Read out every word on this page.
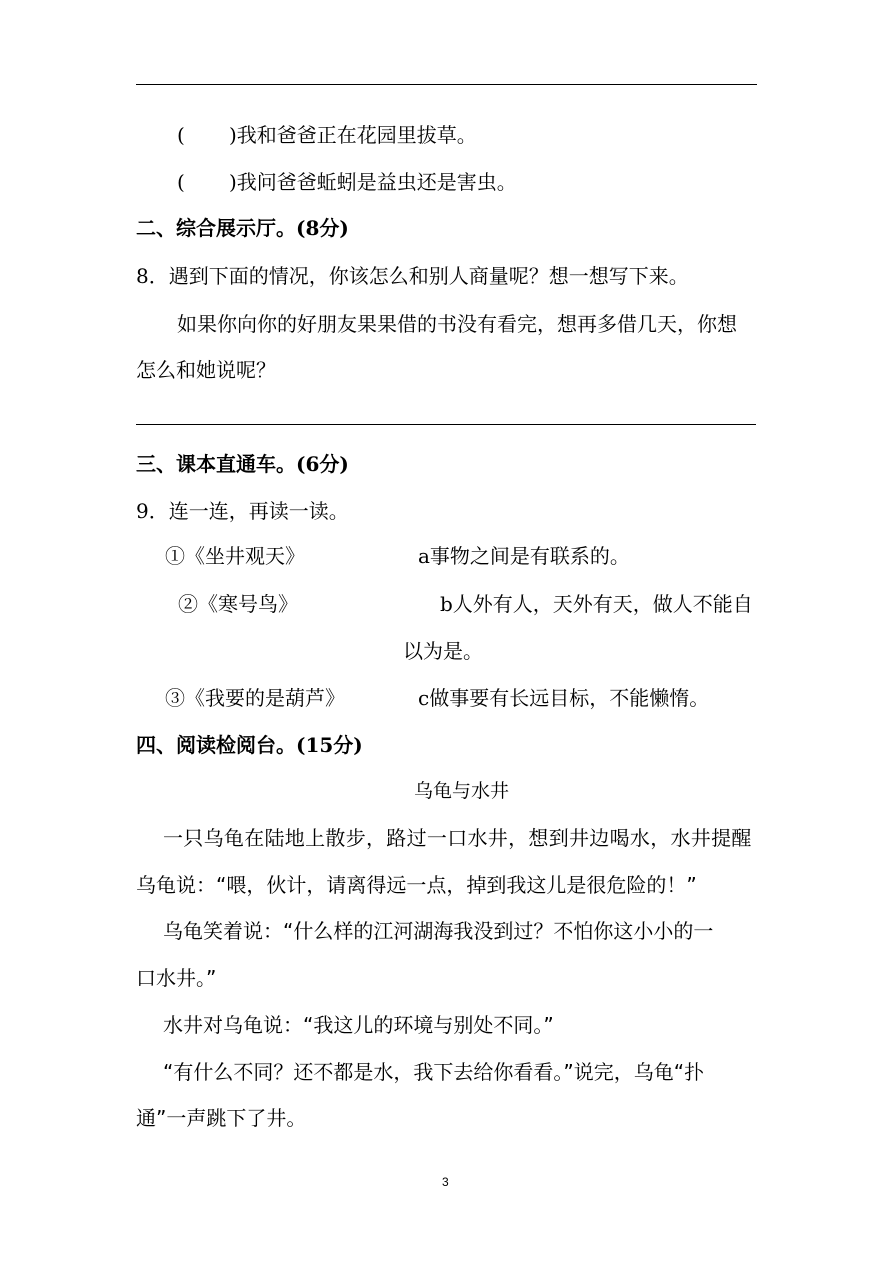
( )我和爸爸正在花园里拔草。
( )我问爸爸蚯蚓是益虫还是害虫。
二、综合展示厅。(8分)
8．遇到下面的情况，你该怎么和别人商量呢？想一想写下来。
如果你向你的好朋友果果借的书没有看完，想再多借几天，你想
怎么和她说呢？
三、课本直通车。(6分)
9．连一连，再读一读。
①《坐井观天》	a事物之间是有联系的。
②《寒号鸟》	b人外有人，天外有天，做人不能自
以为是。
③《我要的是葫芦》	c做事要有长远目标，不能懒惰。
四、阅读检阅台。(15分)
乌龟与水井
一只乌龟在陆地上散步，路过一口水井，想到井边喝水，水井提醒
乌龟说：“喂，伙计，请离得远一点，掉到我这儿是很危险的！”
乌龟笑着说：“什么样的江河湖海我没到过？不怕你这小小的一
口水井。”
水井对乌龟说：“我这儿的环境与别处不同。”
“有什么不同？还不都是水，我下去给你看看。”说完，乌龟“扑
通”一声跳下了井。
3
